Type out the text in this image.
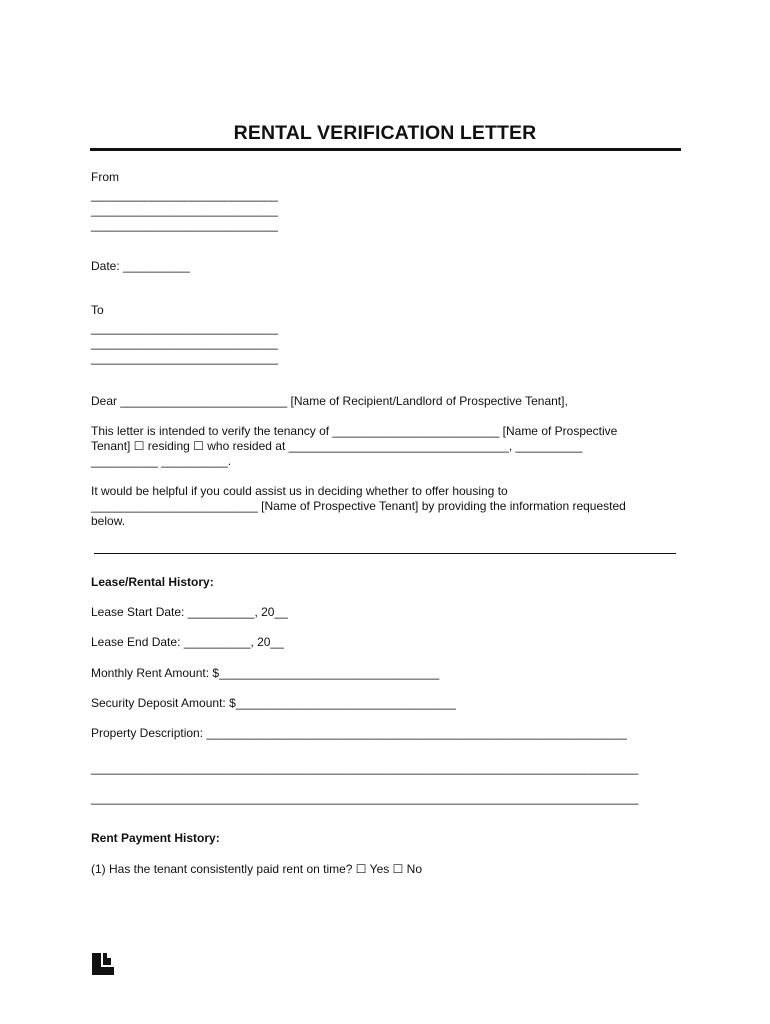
RENTAL VERIFICATION LETTER
From
____________________________
____________________________
____________________________
Date: __________
To
____________________________
____________________________
____________________________
Dear _________________________ [Name of Recipient/Landlord of Prospective Tenant],
This letter is intended to verify the tenancy of _________________________ [Name of Prospective
Tenant] ☐ residing ☐ who resided at _________________________________, __________
__________ __________.
It would be helpful if you could assist us in deciding whether to offer housing to
_________________________ [Name of Prospective Tenant] by providing the information requested
below.
Lease/Rental History:
Lease Start Date: __________, 20__
Lease End Date: __________, 20__
Monthly Rent Amount: $_________________________________
Security Deposit Amount: $_________________________________
Property Description: _______________________________________________________________
__________________________________________________________________________________
__________________________________________________________________________________
Rent Payment History:
(1) Has the tenant consistently paid rent on time? ☐ Yes ☐ No
